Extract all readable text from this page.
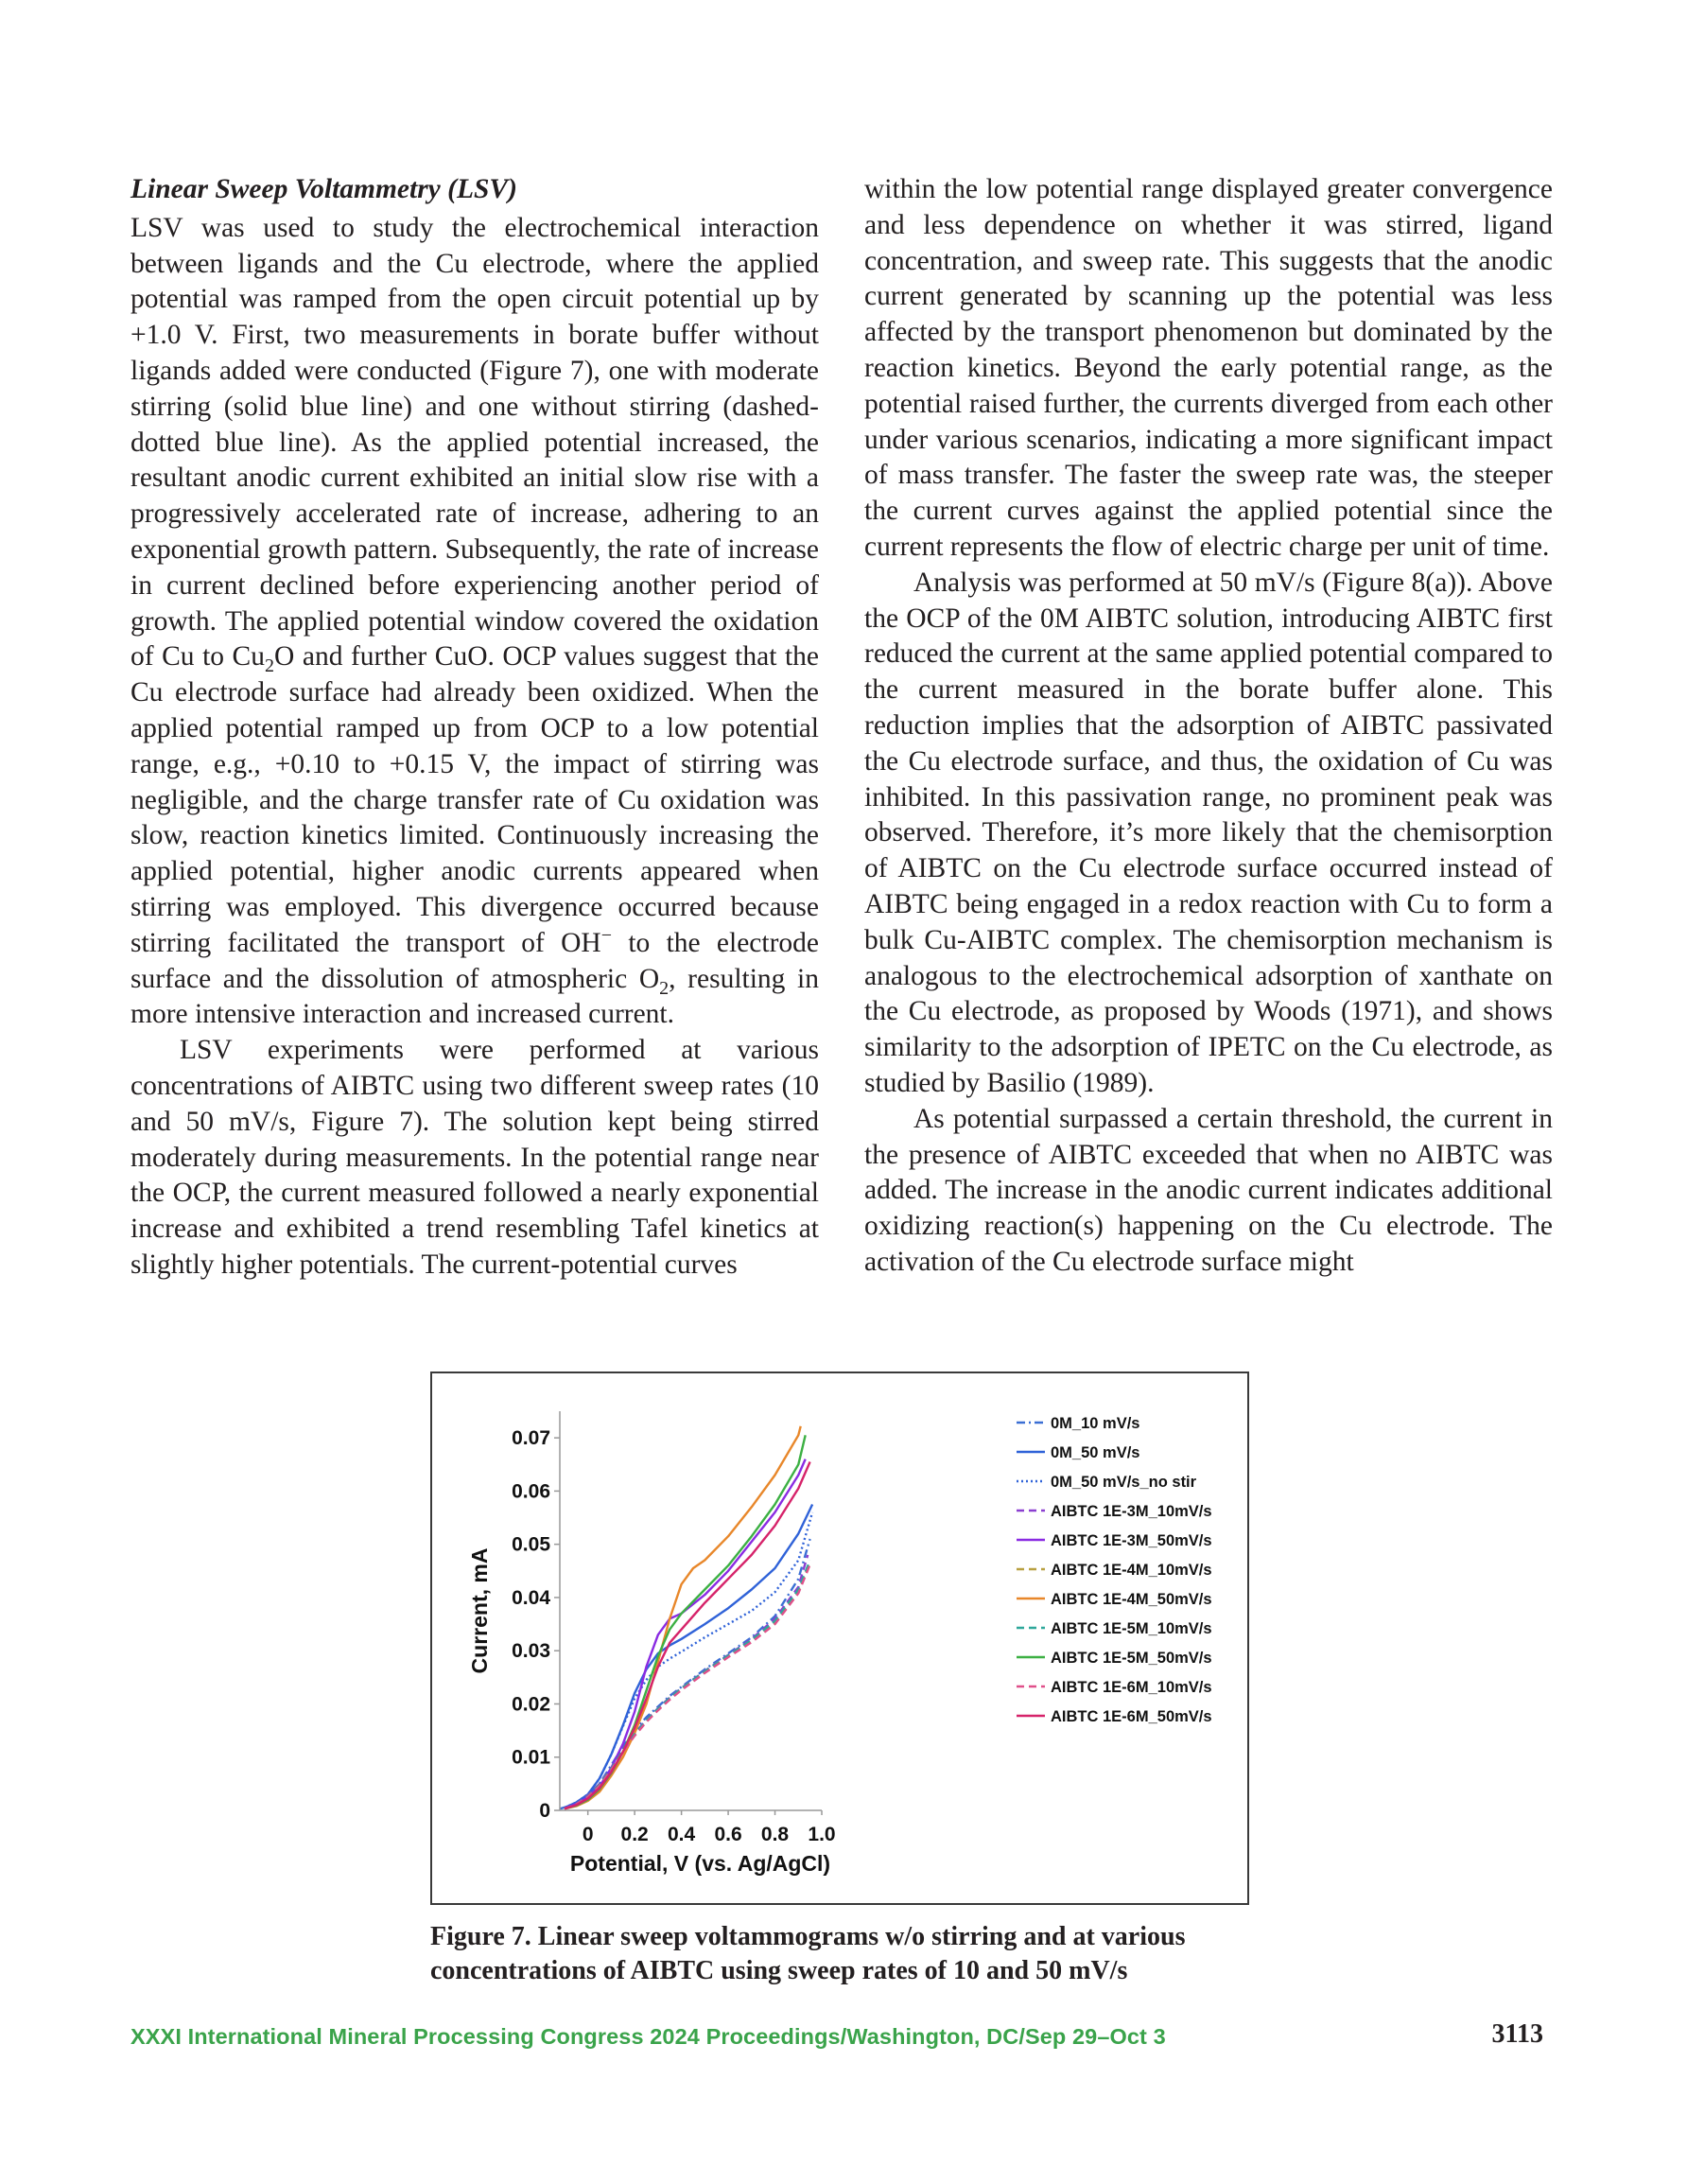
Linear Sweep Voltammetry (LSV)

LSV was used to study the electrochemical interaction between ligands and the Cu electrode, where the applied potential was ramped from the open circuit potential up by +1.0 V. First, two measurements in borate buffer without ligands added were conducted (Figure 7), one with moderate stirring (solid blue line) and one without stirring (dashed-dotted blue line). As the applied potential increased, the resultant anodic current exhibited an initial slow rise with a progressively accelerated rate of increase, adhering to an exponential growth pattern. Subsequently, the rate of increase in current declined before experiencing another period of growth. The applied potential window covered the oxidation of Cu to $Cu_2O$ and further CuO. OCP values suggest that the Cu electrode surface had already been oxidized. When the applied potential ramped up from OCP to a low potential range, e.g., +0.10 to +0.15 V, the impact of stirring was negligible, and the charge transfer rate of Cu oxidation was slow, reaction kinetics limited. Continuously increasing the applied potential, higher anodic currents appeared when stirring was employed. This divergence occurred because stirring facilitated the transport of OH− to the electrode surface and the dissolution of atmospheric $O_2$, resulting in more intensive interaction and increased current.

LSV experiments were performed at various concentrations of AIBTC using two different sweep rates (10 and 50 mV/s, Figure 7). The solution kept being stirred moderately during measurements. In the potential range near the OCP, the current measured followed a nearly exponential increase and exhibited a trend resembling Tafel kinetics at slightly higher potentials. The current-potential curves

within the low potential range displayed greater convergence and less dependence on whether it was stirred, ligand concentration, and sweep rate. This suggests that the anodic current generated by scanning up the potential was less affected by the transport phenomenon but dominated by the reaction kinetics. Beyond the early potential range, as the potential raised further, the currents diverged from each other under various scenarios, indicating a more significant impact of mass transfer. The faster the sweep rate was, the steeper the current curves against the applied potential since the current represents the flow of electric charge per unit of time.

Analysis was performed at 50 mV/s (Figure 8(a)). Above the OCP of the 0M AIBTC solution, introducing AIBTC first reduced the current at the same applied potential compared to the current measured in the borate buffer alone. This reduction implies that the adsorption of AIBTC passivated the Cu electrode surface, and thus, the oxidation of Cu was inhibited. In this passivation range, no prominent peak was observed. Therefore, it’s more likely that the chemisorption of AIBTC on the Cu electrode surface occurred instead of AIBTC being engaged in a redox reaction with Cu to form a bulk Cu-AIBTC complex. The chemisorption mechanism is analogous to the electrochemical adsorption of xanthate on the Cu electrode, as proposed by Woods (1971), and shows similarity to the adsorption of IPETC on the Cu electrode, as studied by Basilio (1989).

As potential surpassed a certain threshold, the current in the presence of AIBTC exceeded that when no AIBTC was added. The increase in the anodic current indicates additional oxidizing reaction(s) happening on the Cu electrode. The activation of the Cu electrode surface might

0
0.01
0.02
0.03
0.04
0.05
0.06
0.07
0 0.2 0.4 0.6 0.8 1.0
Potential, V (vs. Ag/AgCl)
Current, mA
0M_10 mV/s
0M_50 mV/s
0M_50 mV/s_no stir
AIBTC 1E-3M_10mV/s
AIBTC 1E-3M_50mV/s
AIBTC 1E-4M_10mV/s
AIBTC 1E-4M_50mV/s
AIBTC 1E-5M_10mV/s
AIBTC 1E-5M_50mV/s
AIBTC 1E-6M_10mV/s
AIBTC 1E-6M_50mV/s

Figure 7. Linear sweep voltammograms w/o stirring and at various concentrations of AIBTC using sweep rates of 10 and 50 mV/s

XXXI International Mineral Processing Congress 2024 Proceedings/Washington, DC/Sep 29–Oct 3	3113
